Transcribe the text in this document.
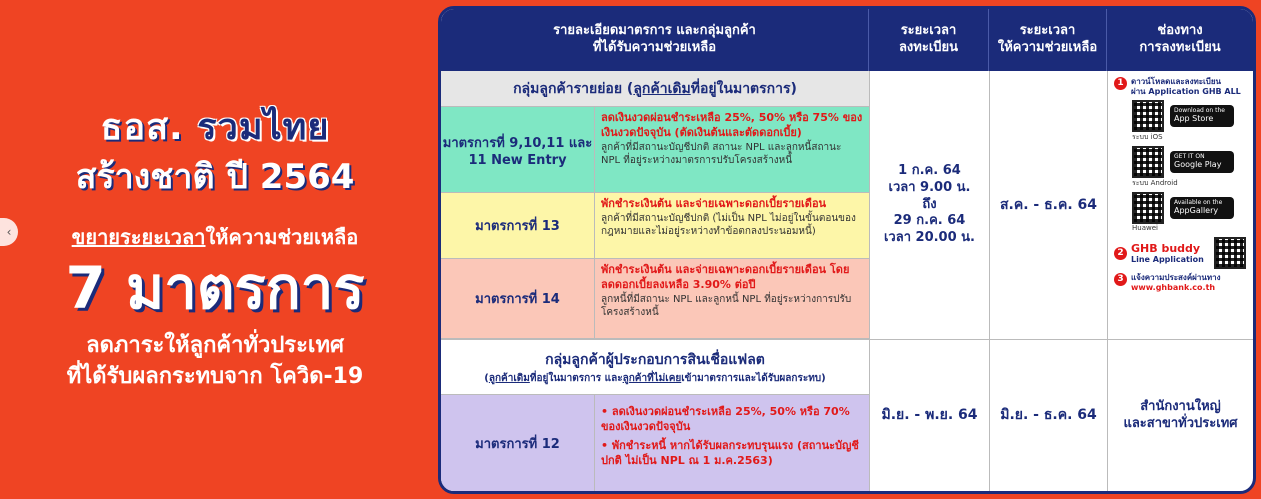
‹
ธอส. รวมไทย
สร้างชาติ ปี 2564
ขยายระยะเวลาให้ความช่วยเหลือ
7 มาตรการ
ลดภาระให้ลูกค้าทั่วประเทศ
ที่ได้รับผลกระทบจาก โควิด-19
รายละเอียดมาตรการ และกลุ่มลูกค้า
ที่ได้รับความช่วยเหลือ
ระยะเวลา
ลงทะเบียน
ระยะเวลา
ให้ความช่วยเหลือ
ช่องทาง
การลงทะเบียน
กลุ่มลูกค้ารายย่อย ( ลูกค้าเดิม ที่อยู่ในมาตรการ)
มาตรการที่ 9,10,11 และ 11 New Entry
ลดเงินงวดผ่อนชำระเหลือ 25%, 50% หรือ 75% ของเงินงวดปัจจุบัน (ตัดเงินต้นและตัดดอกเบี้ย)
ลูกค้าที่มีสถานะบัญชีปกติ สถานะ NPL และลูกหนี้สถานะ NPL ที่อยู่ระหว่างมาตรการปรับโครงสร้างหนี้
มาตรการที่ 13
พักชำระเงินต้น และจ่ายเฉพาะดอกเบี้ยรายเดือน
ลูกค้าที่มีสถานะบัญชีปกติ (ไม่เป็น NPL ไม่อยู่ในขั้นตอนของกฎหมายและไม่อยู่ระหว่างทำข้อตกลงประนอมหนี้)
มาตรการที่ 14
พักชำระเงินต้น และจ่ายเฉพาะดอกเบี้ยรายเดือน โดยลดดอกเบี้ยลงเหลือ 3.90% ต่อปี
ลูกหนี้ที่มีสถานะ NPL และลูกหนี้ NPL ที่อยู่ระหว่างการปรับโครงสร้างหนี้
1 ก.ค. 64
เวลา 9.00 น.
ถึง
29 ก.ค. 64
เวลา 20.00 น.
ส.ค. - ธ.ค. 64
1 ดาวน์โหลดและลงทะเบียน
ผ่าน Application GHB ALL
Download on the
App Store
ระบบ iOS
GET IT ON
Google Play
ระบบ Android
Available on the
AppGallery
Huawei
2 GHB buddy
Line Application
3 แจ้งความประสงค์ผ่านทาง
www.ghbank.co.th
กลุ่มลูกค้าผู้ประกอบการสินเชื่อแฟลต
(ลูกค้าเดิมที่อยู่ในมาตรการ และลูกค้าที่ไม่เคยเข้ามาตรการและได้รับผลกระทบ)
มาตรการที่ 12
• ลดเงินงวดผ่อนชำระเหลือ 25%, 50% หรือ 70% ของเงินงวดปัจจุบัน
• พักชำระหนี้ หากได้รับผลกระทบรุนแรง (สถานะบัญชีปกติ ไม่เป็น NPL ณ 1 ม.ค.2563)
มิ.ย. - พ.ย. 64	มิ.ย. - ธ.ค. 64
สำนักงานใหญ่
และสาขาทั่วประเทศ
